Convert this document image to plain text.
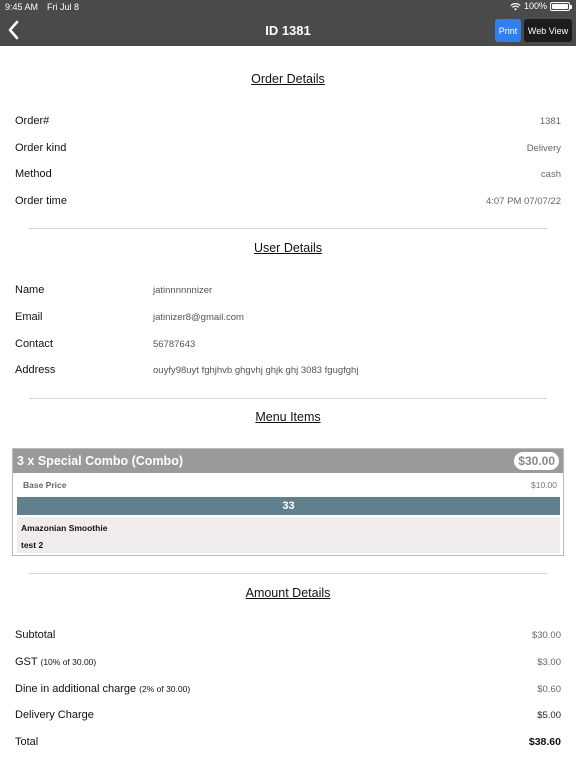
9:45 AM Fri Jul 8	100%
ID 1381	Print	Web View
Order Details
Order#	1381
Order kind	Delivery
Method	cash
Order time	4:07 PM 07/07/22
User Details
Name	jatinnnnnnizer
Email	jatinizer8@gmail.com
Contact	56787643
Address	ouyfy98uyt fghjhvb ghgvhj ghjk ghj 3083 fgugfghj
Menu Items
3 x Special Combo (Combo)	$30.00
Base Price	$10.00
33
Amazonian Smoothie
test 2
Amount Details
Subtotal	$30.00
GST (10% of 30.00)	$3.00
Dine in additional charge (2% of 30.00)	$0.60
Delivery Charge	$5.00
Total	$38.60
